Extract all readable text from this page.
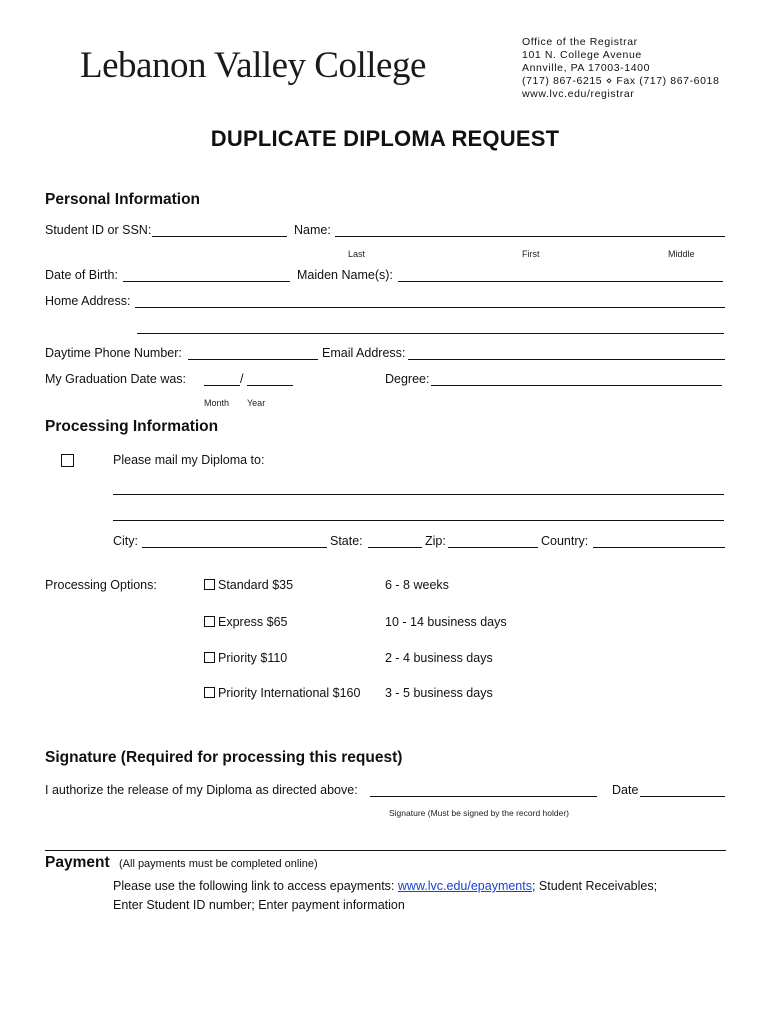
Lebanon Valley College
Office of the Registrar
101 N. College Avenue
Annville, PA 17003-1400
(717) 867-6215 ⋄ Fax (717) 867-6018
www.lvc.edu/registrar
DUPLICATE DIPLOMA REQUEST
Personal Information
Student ID or SSN:	Name:
Last	First	Middle
Date of Birth:	Maiden Name(s):
Home Address:
Daytime Phone Number:	Email Address:
My Graduation Date was:	/
Month Year
Degree:
Processing Information
Please mail my Diploma to:
City:	State:	Zip:	Country:
Processing Options:	Standard $35	6 - 8 weeks
Express $65	10 - 14 business days
Priority $110	2 - 4 business days
Priority International $160 3 - 5 business days
Signature (Required for processing this request)
I authorize the release of my Diploma as directed above:	Date
Signature (Must be signed by the record holder)
Payment (All payments must be completed online)
Please use the following link to access epayments: www.lvc.edu/epayments; Student Receivables;
Enter Student ID number; Enter payment information
